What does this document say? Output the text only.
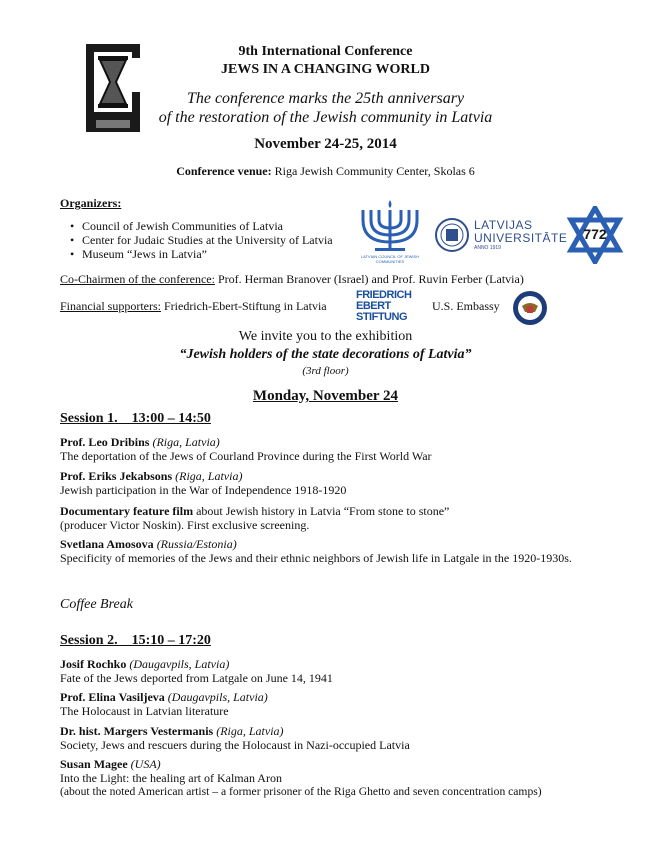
9th International Conference
JEWS IN A CHANGING WORLD
The conference marks the 25th anniversary
of the restoration of the Jewish community in Latvia
November 24-25, 2014
Conference venue: Riga Jewish Community Center, Skolas 6
Organizers:
• Council of Jewish Communities of Latvia
• Center for Judaic Studies at the University of Latvia
• Museum “Jews in Latvia”	LATVIAN COUNCIL OF JEWISH COMMUNITIES
LATVIJAS
UNIVERSITĀTE
ANNO 1919
772
Co-Chairmen of the conference: Prof. Herman Branover (Israel) and Prof. Ruvin Ferber (Latvia)
Financial supporters: Friedrich-Ebert-Stiftung in Latvia
FRIEDRICH
EBERT
STIFTUNG
U.S. Embassy
We invite you to the exhibition
“Jewish holders of the state decorations of Latvia”
(3rd floor)
Monday, November 24
Session 1.    13:00 – 14:50
Prof. Leo Dribins (Riga, Latvia)
The deportation of the Jews of Courland Province during the First World War
Prof. Eriks Jekabsons (Riga, Latvia)
Jewish participation in the War of Independence 1918-1920
Documentary feature film about Jewish history in Latvia “From stone to stone”
(producer Victor Noskin). First exclusive screening.
Svetlana Amosova (Russia/Estonia)
Specificity of memories of the Jews and their ethnic neighbors of Jewish life in Latgale in the 1920-1930s.
Coffee Break
Session 2.    15:10 – 17:20
Josif Rochko (Daugavpils, Latvia)
Fate of the Jews deported from Latgale on June 14, 1941
Prof. Elina Vasiljeva (Daugavpils, Latvia)
The Holocaust in Latvian literature
Dr. hist. Margers Vestermanis (Riga, Latvia)
Society, Jews and rescuers during the Holocaust in Nazi-occupied Latvia
Susan Magee (USA)
Into the Light: the healing art of Kalman Aron
(about the noted American artist – a former prisoner of the Riga Ghetto and seven concentration camps)
